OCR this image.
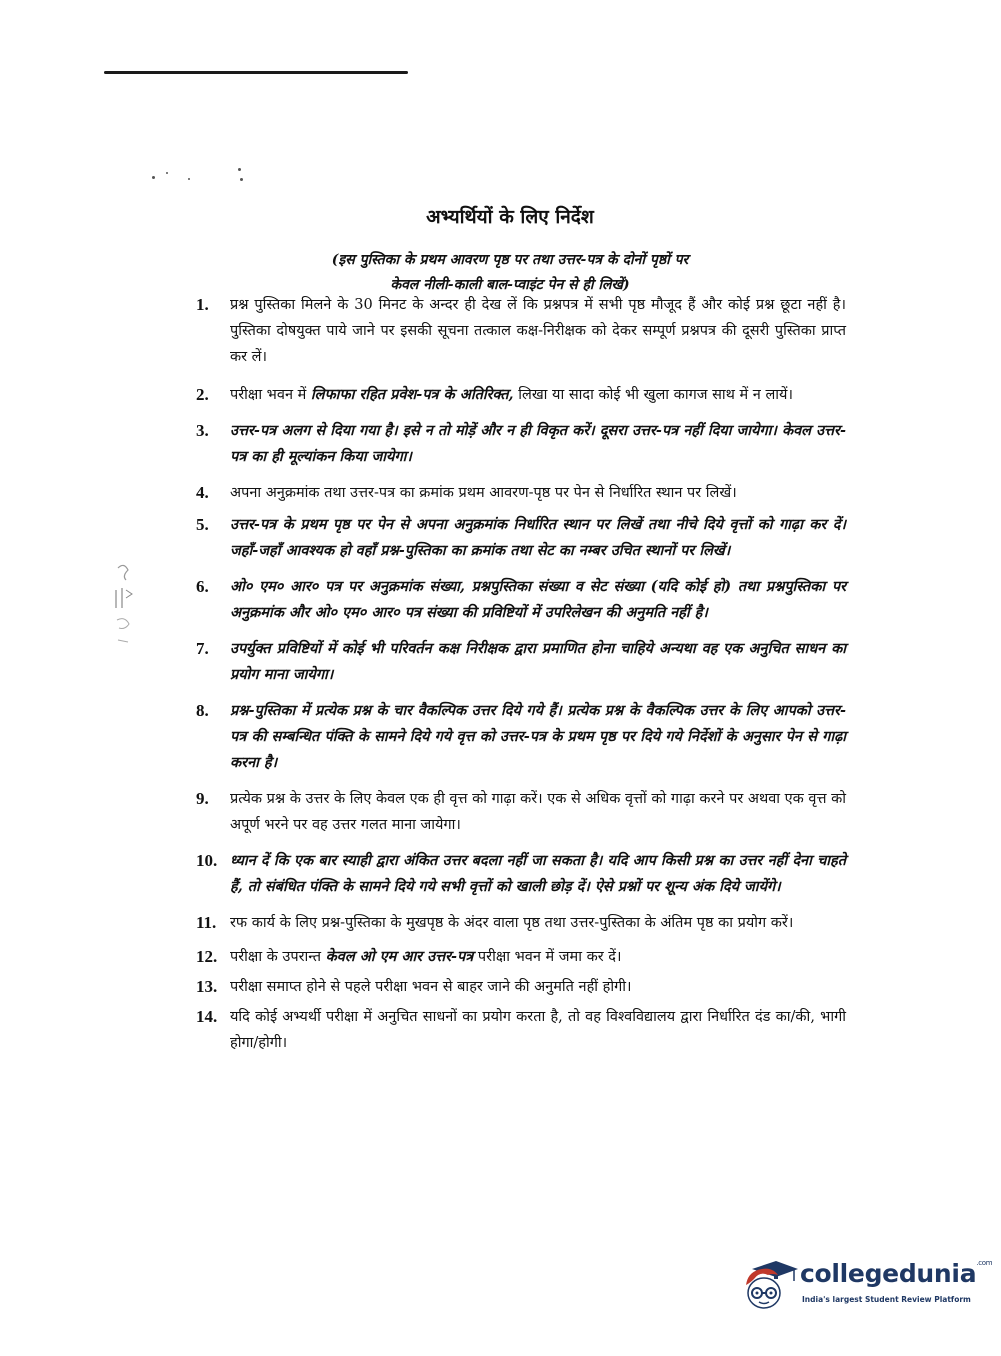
अभ्यर्थियों के लिए निर्देश
(इस पुस्तिका के प्रथम आवरण पृष्ठ पर तथा उत्तर-पत्र के दोनों पृष्ठों पर
केवल नीली-काली बाल-प्वाइंट पेन से ही लिखें)
1.	प्रश्न पुस्तिका मिलने के 30 मिनट के अन्दर ही देख लें कि प्रश्नपत्र में सभी पृष्ठ मौजूद हैं और कोई प्रश्न छूटा नहीं है। पुस्तिका दोषयुक्त पाये जाने पर इसकी सूचना तत्काल कक्ष-निरीक्षक को देकर सम्पूर्ण प्रश्नपत्र की दूसरी पुस्तिका प्राप्त कर लें।
2.	परीक्षा भवन में लिफाफा रहित प्रवेश-पत्र के अतिरिक्त, लिखा या सादा कोई भी खुला कागज साथ में न लायें।
3.	उत्तर-पत्र अलग से दिया गया है। इसे न तो मोड़ें और न ही विकृत करें। दूसरा उत्तर-पत्र नहीं दिया जायेगा। केवल उत्तर-पत्र का ही मूल्यांकन किया जायेगा।
4.	अपना अनुक्रमांक तथा उत्तर-पत्र का क्रमांक प्रथम आवरण-पृष्ठ पर पेन से निर्धारित स्थान पर लिखें।
5.	उत्तर-पत्र के प्रथम पृष्ठ पर पेन से अपना अनुक्रमांक निर्धारित स्थान पर लिखें तथा नीचे दिये वृत्तों को गाढ़ा कर दें। जहाँ-जहाँ आवश्यक हो वहाँ प्रश्न-पुस्तिका का क्रमांक तथा सेट का नम्बर उचित स्थानों पर लिखें।
6.	ओ० एम० आर० पत्र पर अनुक्रमांक संख्या, प्रश्नपुस्तिका संख्या व सेट संख्या (यदि कोई हो) तथा प्रश्नपुस्तिका पर अनुक्रमांक और ओ० एम० आर० पत्र संख्या की प्रविष्टियों में उपरिलेखन की अनुमति नहीं है।
7.	उपर्युक्त प्रविष्टियों में कोई भी परिवर्तन कक्ष निरीक्षक द्वारा प्रमाणित होना चाहिये अन्यथा वह एक अनुचित साधन का प्रयोग माना जायेगा।
8.	प्रश्न-पुस्तिका में प्रत्येक प्रश्न के चार वैकल्पिक उत्तर दिये गये हैं। प्रत्येक प्रश्न के वैकल्पिक उत्तर के लिए आपको उत्तर-पत्र की सम्बन्धित पंक्ति के सामने दिये गये वृत्त को उत्तर-पत्र के प्रथम पृष्ठ पर दिये गये निर्देशों के अनुसार पेन से गाढ़ा करना है।
9.	प्रत्येक प्रश्न के उत्तर के लिए केवल एक ही वृत्त को गाढ़ा करें। एक से अधिक वृत्तों को गाढ़ा करने पर अथवा एक वृत्त को अपूर्ण भरने पर वह उत्तर गलत माना जायेगा।
10. ध्यान दें कि एक बार स्याही द्वारा अंकित उत्तर बदला नहीं जा सकता है। यदि आप किसी प्रश्न का उत्तर नहीं देना चाहते हैं, तो संबंधित पंक्ति के सामने दिये गये सभी वृत्तों को खाली छोड़ दें। ऐसे प्रश्नों पर शून्य अंक दिये जायेंगे।
11. रफ कार्य के लिए प्रश्न-पुस्तिका के मुखपृष्ठ के अंदर वाला पृष्ठ तथा उत्तर-पुस्तिका के अंतिम पृष्ठ का प्रयोग करें।
12. परीक्षा के उपरान्त केवल ओ एम आर उत्तर-पत्र परीक्षा भवन में जमा कर दें।
13. परीक्षा समाप्त होने से पहले परीक्षा भवन से बाहर जाने की अनुमति नहीं होगी।
14. यदि कोई अभ्यर्थी परीक्षा में अनुचित साधनों का प्रयोग करता है, तो वह विश्वविद्यालय द्वारा निर्धारित दंड का/की, भागी होगा/होगी।
collegedunia$^{.com}$
India's largest Student Review Platform
